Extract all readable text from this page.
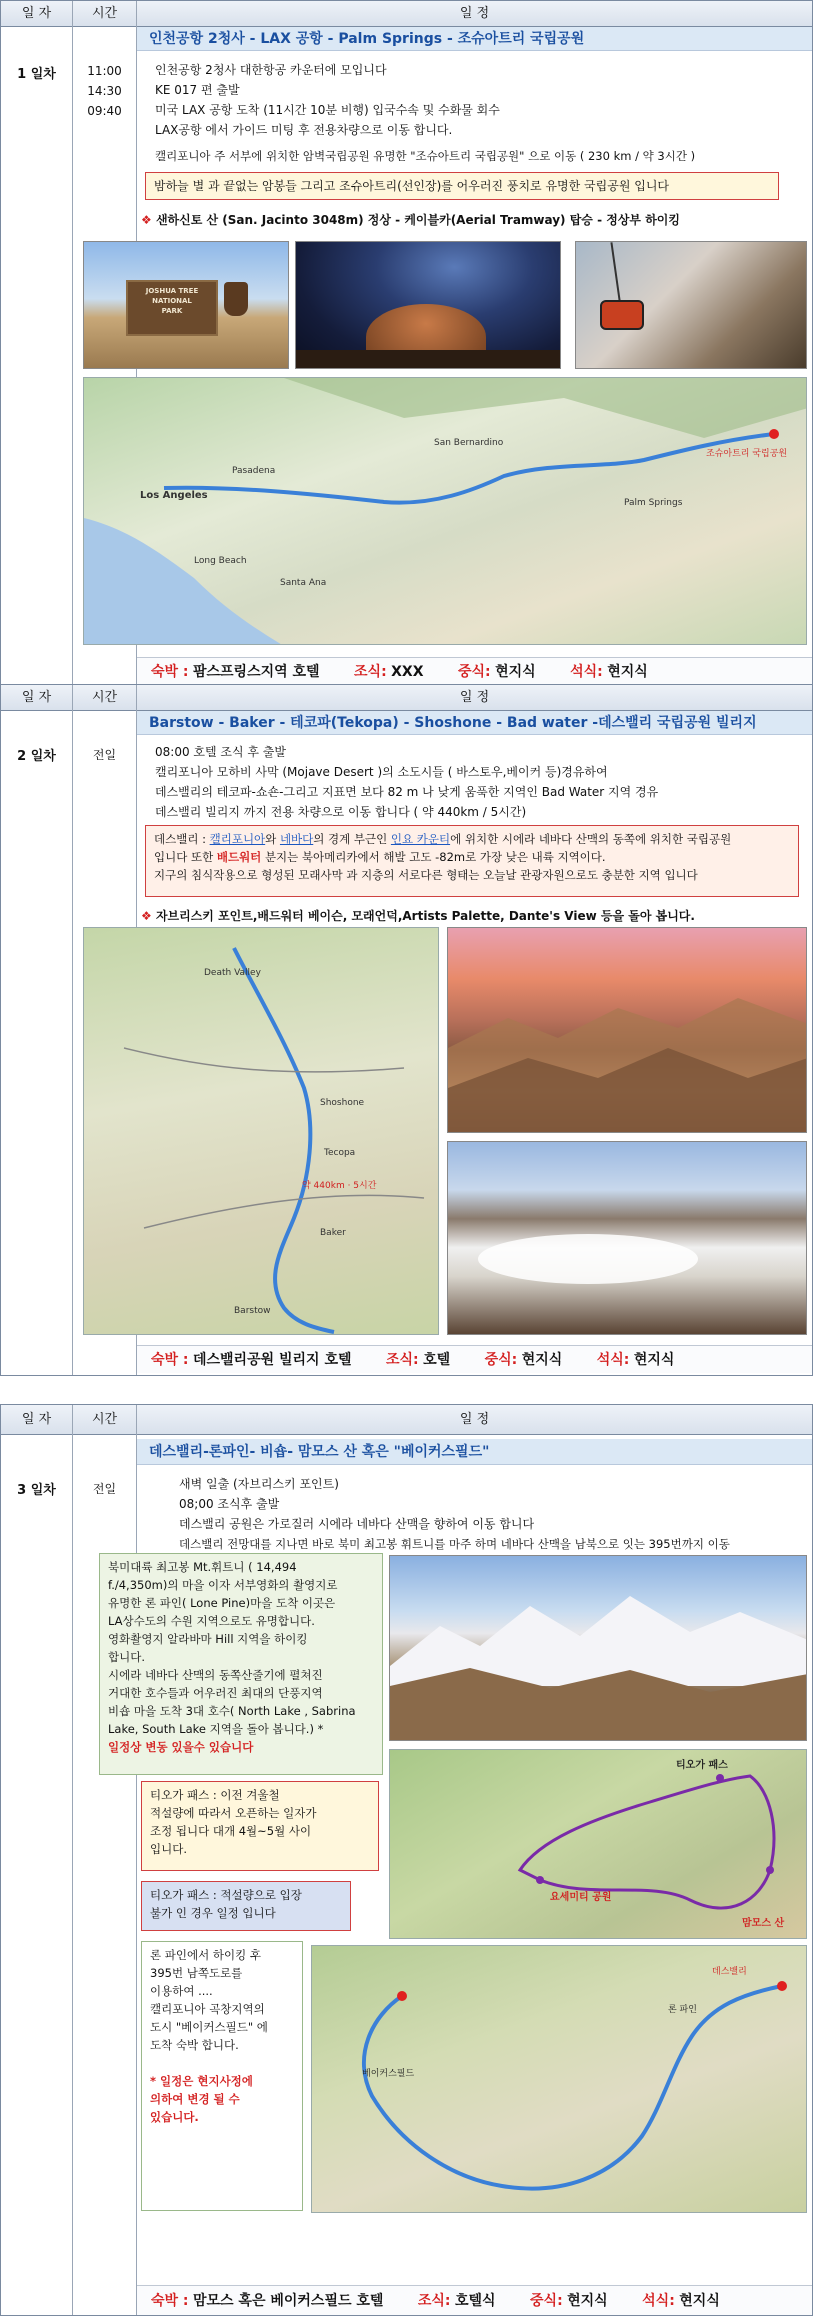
일 자	시간	일 정
1 일차	11:00
14:30
09:40
인천공항 2청사 - LAX 공항 - Palm Springs - 조슈아트리 국립공원
인천공항 2청사 대한항공 카운터에 모입니다
KE 017 편 출발
미국 LAX 공항 도착 (11시간 10분 비행) 입국수속 및 수화물 회수
LAX공항 에서 가이드 미팅 후 전용차량으로 이동 합니다.
캘리포니아 주 서부에 위치한 암벽국립공원 유명한 "조슈아트리 국립공원" 으로 이동 ( 230 km / 약 3시간 )
밤하늘 별 과 끝없는 암봉들 그리고 조슈아트리(선인장)를 어우러진 풍치로 유명한 국립공원 입니다
❖ 샌하신토 산 (San. Jacinto 3048m) 정상 - 케이블카(Aerial Tramway) 탑승 - 정상부 하이킹
JOSHUA TREE
NATIONAL
PARK
Los Angeles
Pasadena
San Bernardino
Long Beach
Santa Ana
Palm Springs
조슈아트리 국립공원
숙박 : 팜스프링스지역 호텔 조식: XXX 중식: 현지식 석식: 현지식
일 자	시간	일 정
2 일차	전일
Barstow - Baker - 테코파(Tekopa) - Shoshone - Bad water -데스밸리 국립공원 빌리지
08:00 호텔 조식 후 출발
캘리포니아 모하비 사막 (Mojave Desert )의 소도시들 ( 바스토우,베이커 등)경유하여
데스밸리의 테코파-쇼숀-그리고 지표면 보다 82 m 나 낮게 움푹한 지역인 Bad Water 지역 경유
데스밸리 빌리지 까지 전용 차량으로 이동 합니다 ( 약 440km / 5시간)
데스밸리 : 캘리포니아와 네바다의 경계 부근인 인요 카운티에 위치한 시에라 네바다 산맥의 동쪽에 위치한 국립공원
입니다 또한 배드워터 분지는 북아메리카에서 해발 고도 -82m로 가장 낮은 내륙 지역이다.
지구의 침식작용으로 형성된 모래사막 과 지층의 서로다른 형태는 오늘날 관광자원으로도 충분한 지역 입니다
❖ 자브리스키 포인트,배드워터 베이슨, 모래언덕,Artists Palette, Dante's View 등을 돌아 봅니다.
Barstow
Baker
Tecopa
Shoshone
Death Valley
약 440km · 5시간
숙박 : 데스밸리공원 빌리지 호텔 조식: 호텔 중식: 현지식 석식: 현지식
일 자	시간	일 정
3 일차	전일
데스밸리-론파인- 비숍- 맘모스 산 혹은 "베이커스필드"
새벽 일출 (자브리스키 포인트)
08;00 조식후 출발
데스밸리 공원은 가로질러 시에라 네바다 산맥을 향하여 이동 합니다
데스밸리 전망대를 지나면 바로 북미 최고봉 휘트니를 마주 하며 네바다 산맥을 남북으로 잇는 395번까지 이동
북미대륙 최고봉 Mt.휘트니 ( 14,494
f./4,350m)의 마을 이자 서부영화의 촬영지로
유명한 론 파인( Lone Pine)마을 도착 이곳은
LA상수도의 수원 지역으로도 유명합니다.
영화촬영지 알라바마 Hill 지역을 하이킹
합니다.
시에라 네바다 산맥의 동쪽산줄기에 펼쳐진
거대한 호수들과 어우러진 최대의 단풍지역
비숍 마을 도착 3대 호수( North Lake , Sabrina
Lake, South Lake 지역을 돌아 봅니다.) *
일정상 변동 있을수 있습니다
티오가 패스 : 이전 겨울철
적설량에 따라서 오픈하는 일자가
조정 됩니다 대개 4월~5월 사이
입니다.
티오가 패스 : 적설량으로 입장
불가 인 경우 일정 입니다
티오가 패스
요세미티 공원
맘모스 산
론 파인에서 하이킹 후
395번 남쪽도로를
이용하여 ....
캘리포니아 곡창지역의
도시 "베이커스필드" 에
도착 숙박 합니다.
* 일정은 현지사정에
의하여 변경 될 수
있습니다.
베이커스필드
론 파인
데스밸리
숙박 : 맘모스 혹은 베이커스필드 호텔 조식: 호텔식 중식: 현지식 석식: 현지식
